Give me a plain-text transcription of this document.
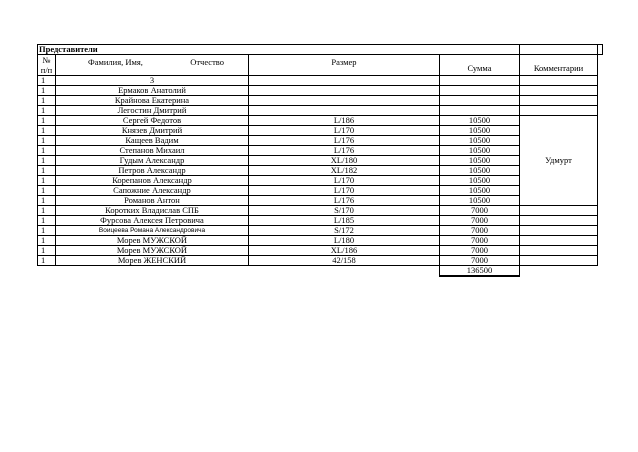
Представители					
№ п/п	Фамилия, Имя, Отчество	Размер	Сумма	Комментарии	

1	3				
1	Ермаков Анатолий				
1	Крайнова Екатерина				
1	Легостин Дмитрий				
1	Сергей Федотов	L/186	10500	Удмурт	
1	Князев Дмитрий	L/170	10500		
1	Кащеев Вадим	L/176	10500		
1	Степанов Михаил	L/176	10500		
1	Гудым Александр	XL/180	10500		
1	Петров Александр	XL/182	10500		
1	Корепанов Александр	L/170	10500		
1	Сапожние Александр	L/170	10500		
1	Романов Антон	L/176	10500		
1	Коротких Владислав СПБ	S/170	7000		
1	Фурсова Алексея Петровича	L/185	7000		
1	Воицеева Романа Александровича	S/172	7000		
1	Морев МУЖСКОЙ	L/180	7000		
1	Морев МУЖСКОЙ	XL/186	7000		
1	Морев ЖЕНСКИЙ	42/158	7000		
			136500		
